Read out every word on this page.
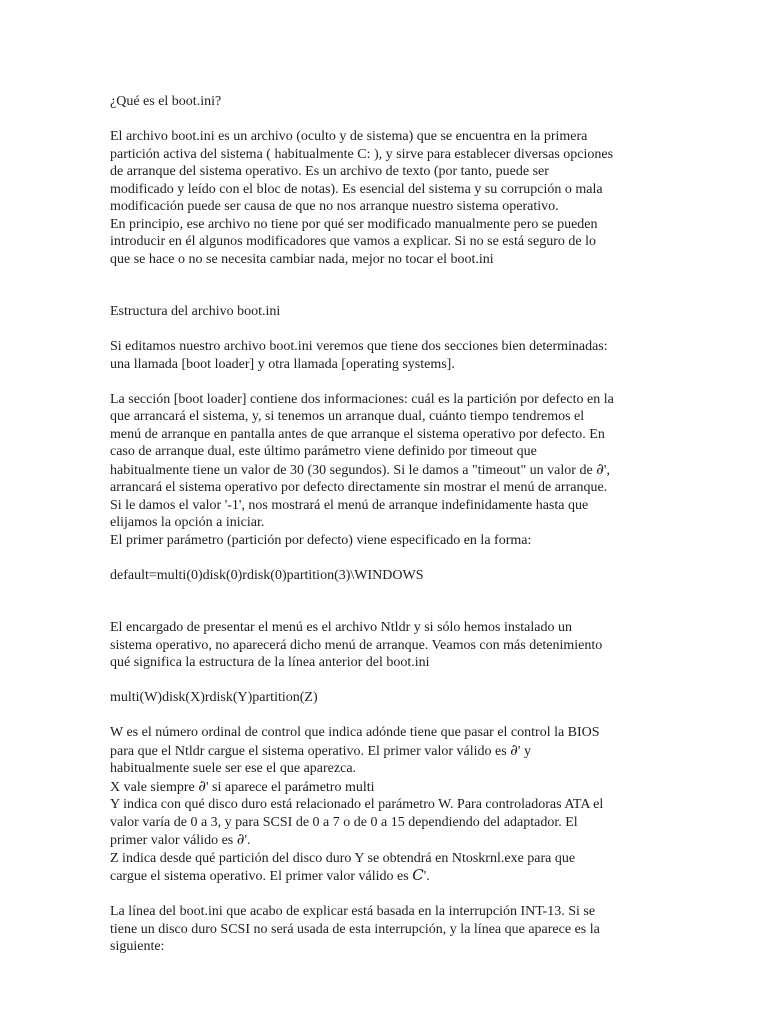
¿Qué es el boot.ini?

El archivo boot.ini es un archivo (oculto y de sistema) que se encuentra en la primera
partición activa del sistema ( habitualmente C: ), y sirve para establecer diversas opciones
de arranque del sistema operativo. Es un archivo de texto (por tanto, puede ser
modificado y leído con el bloc de notas). Es esencial del sistema y su corrupción o mala
modificación puede ser causa de que no nos arranque nuestro sistema operativo.
En principio, ese archivo no tiene por qué ser modificado manualmente pero se pueden
introducir en él algunos modificadores que vamos a explicar. Si no se está seguro de lo
que se hace o no se necesita cambiar nada, mejor no tocar el boot.ini

Estructura del archivo boot.ini

Si editamos nuestro archivo boot.ini veremos que tiene dos secciones bien determinadas:
una llamada [boot loader] y otra llamada [operating systems].

La sección [boot loader] contiene dos informaciones: cuál es la partición por defecto en la
que arrancará el sistema, y, si tenemos un arranque dual, cuánto tiempo tendremos el
menú de arranque en pantalla antes de que arranque el sistema operativo por defecto. En
caso de arranque dual, este último parámetro viene definido por timeout que
habitualmente tiene un valor de 30 (30 segundos). Si le damos a "timeout" un valor de ∂',
arrancará el sistema operativo por defecto directamente sin mostrar el menú de arranque.
Si le damos el valor '-1', nos mostrará el menú de arranque indefinidamente hasta que
elijamos la opción a iniciar.
El primer parámetro (partición por defecto) viene especificado en la forma:

default=multi(0)disk(0)rdisk(0)partition(3)\WINDOWS

El encargado de presentar el menú es el archivo Ntldr y si sólo hemos instalado un
sistema operativo, no aparecerá dicho menú de arranque. Veamos con más detenimiento
qué significa la estructura de la línea anterior del boot.ini

multi(W)disk(X)rdisk(Y)partition(Z)

W es el número ordinal de control que indica adónde tiene que pasar el control la BIOS
para que el Ntldr cargue el sistema operativo. El primer valor válido es ∂' y
habitualmente suele ser ese el que aparezca.
X vale siempre ∂' si aparece el parámetro multi
Y indica con qué disco duro está relacionado el parámetro W. Para controladoras ATA el
valor varía de 0 a 3, y para SCSI de 0 a 7 o de 0 a 15 dependiendo del adaptador. El
primer valor válido es ∂'.
Z indica desde qué partición del disco duro Y se obtendrá en Ntoskrnl.exe para que
cargue el sistema operativo. El primer valor válido es C'.

La línea del boot.ini que acabo de explicar está basada en la interrupción INT-13. Si se
tiene un disco duro SCSI no será usada de esta interrupción, y la línea que aparece es la
siguiente:
